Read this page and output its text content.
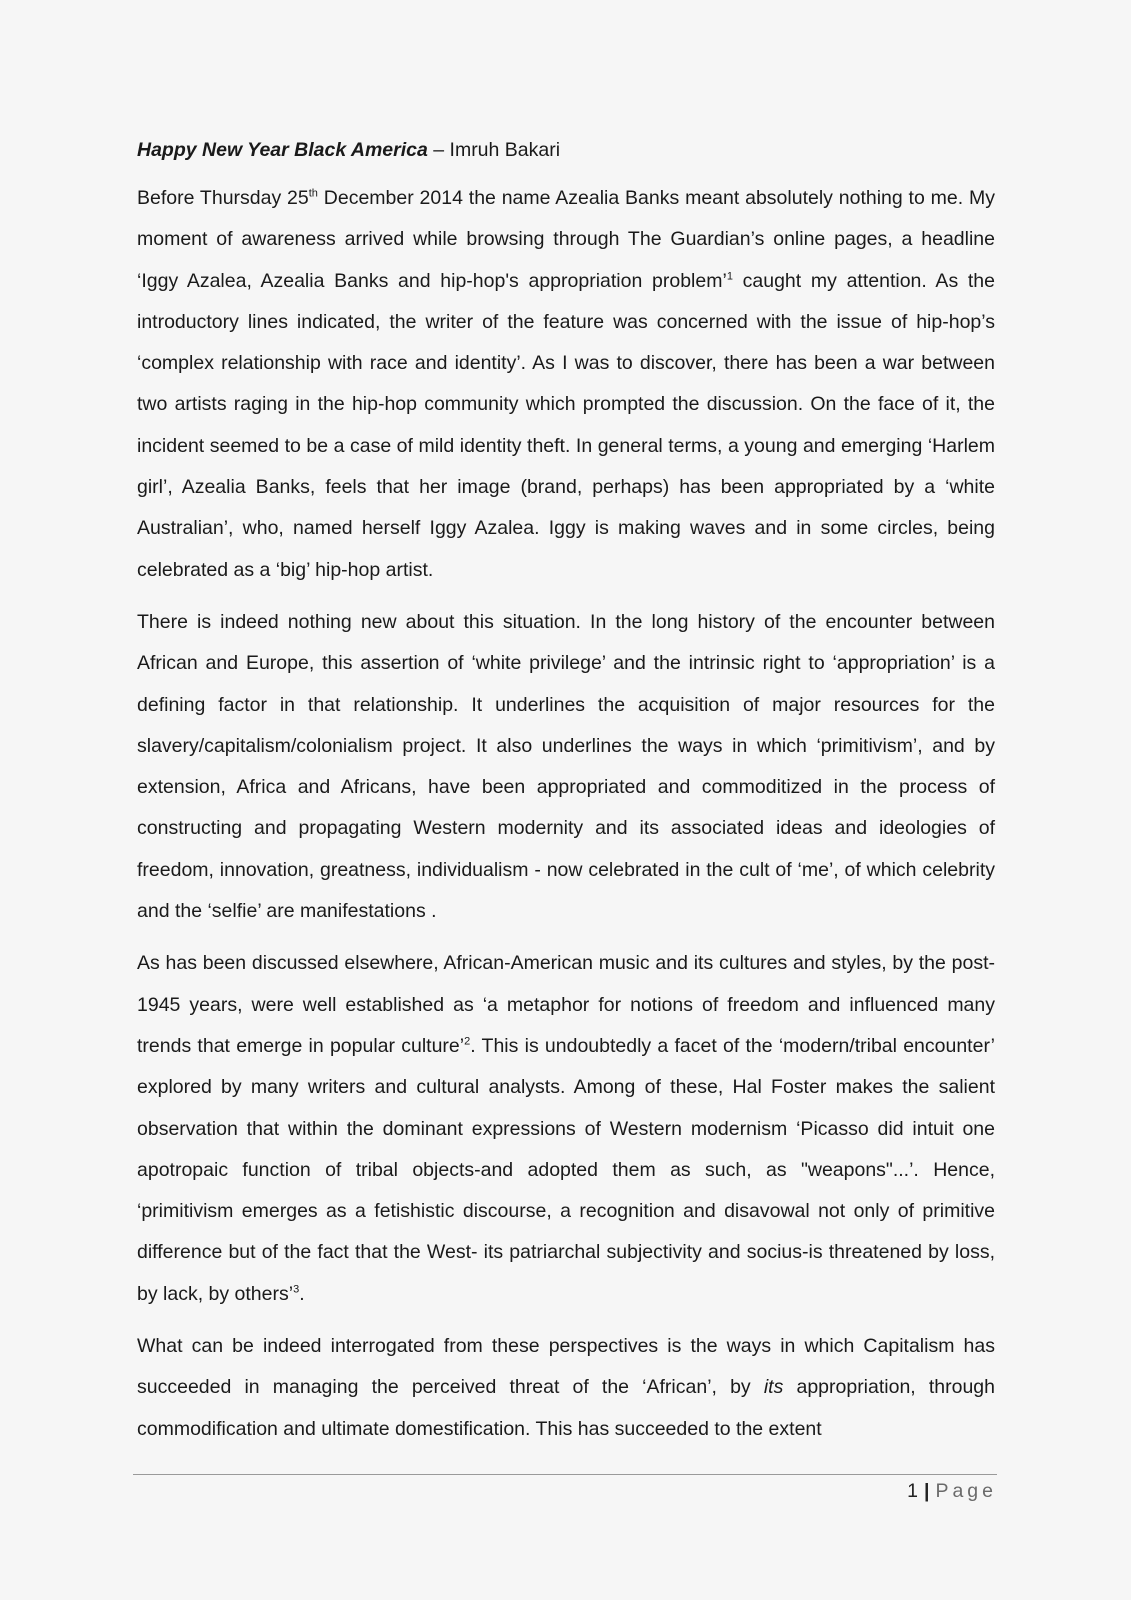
Happy New Year Black America – Imruh Bakari

Before Thursday 25th December 2014 the name Azealia Banks meant absolutely nothing to me. My moment of awareness arrived while browsing through The Guardian’s online pages, a headline ‘Iggy Azalea, Azealia Banks and hip-hop's appropriation problem’$^1$ caught my attention. As the introductory lines indicated, the writer of the feature was concerned with the issue of hip-hop’s ‘complex relationship with race and identity’. As I was to discover, there has been a war between two artists raging in the hip-hop community which prompted the discussion. On the face of it, the incident seemed to be a case of mild identity theft. In general terms, a young and emerging ‘Harlem girl’, Azealia Banks, feels that her image (brand, perhaps) has been appropriated by a ‘white Australian’, who, named herself Iggy Azalea. Iggy is making waves and in some circles, being celebrated as a ‘big’ hip-hop artist.

There is indeed nothing new about this situation. In the long history of the encounter between African and Europe, this assertion of ‘white privilege’ and the intrinsic right to ‘appropriation’ is a defining factor in that relationship. It underlines the acquisition of major resources for the slavery/capitalism/colonialism project. It also underlines the ways in which ‘primitivism’, and by extension, Africa and Africans, have been appropriated and commoditized in the process of constructing and propagating Western modernity and its associated ideas and ideologies of freedom, innovation, greatness, individualism - now celebrated in the cult of ‘me’, of which celebrity and the ‘selfie’ are manifestations .

As has been discussed elsewhere, African-American music and its cultures and styles, by the post-1945 years, were well established as ‘a metaphor for notions of freedom and influenced many trends that emerge in popular culture’$^2$. This is undoubtedly a facet of the ‘modern/tribal encounter’ explored by many writers and cultural analysts. Among of these, Hal Foster makes the salient observation that within the dominant expressions of Western modernism ‘Picasso did intuit one apotropaic function of tribal objects-and adopted them as such, as "weapons"...’. Hence, ‘primitivism emerges as a fetishistic discourse, a recognition and disavowal not only of primitive difference but of the fact that the West- its patriarchal subjectivity and socius-is threatened by loss, by lack, by others’$^3$.

What can be indeed interrogated from these perspectives is the ways in which Capitalism has succeeded in managing the perceived threat of the ‘African’, by its appropriation, through commodification and ultimate domestification. This has succeeded to the extent

1 | Page
